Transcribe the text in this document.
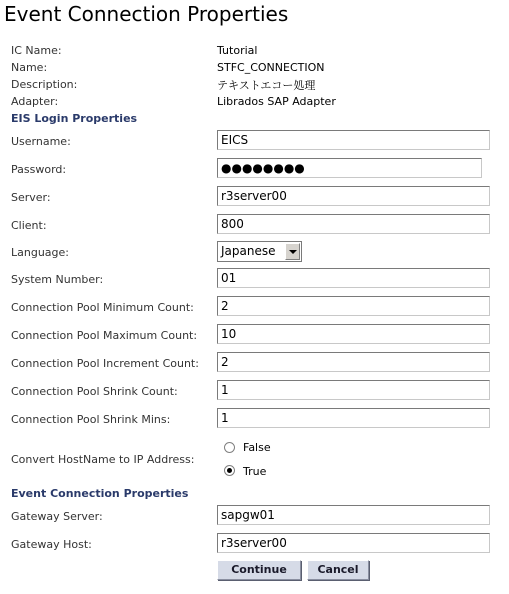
Event Connection Properties
IC Name:	Tutorial
Name:	STFC_CONNECTION
Description:	テキストエコー処理
Adapter:	Librados SAP Adapter
EIS Login Properties
Username:
EICS
Password:
●●●●●●●●
Server:
r3server00
Client:
800
Language:	Japanese
System Number:
01
Connection Pool Minimum Count:
2
Connection Pool Maximum Count:
10
Connection Pool Increment Count:
2
Connection Pool Shrink Count:
1
Connection Pool Shrink Mins:
1
Convert HostName to IP Address:
False
True
Event Connection Properties
Gateway Server:
sapgw01
Gateway Host:
r3server00
Continue	Cancel
